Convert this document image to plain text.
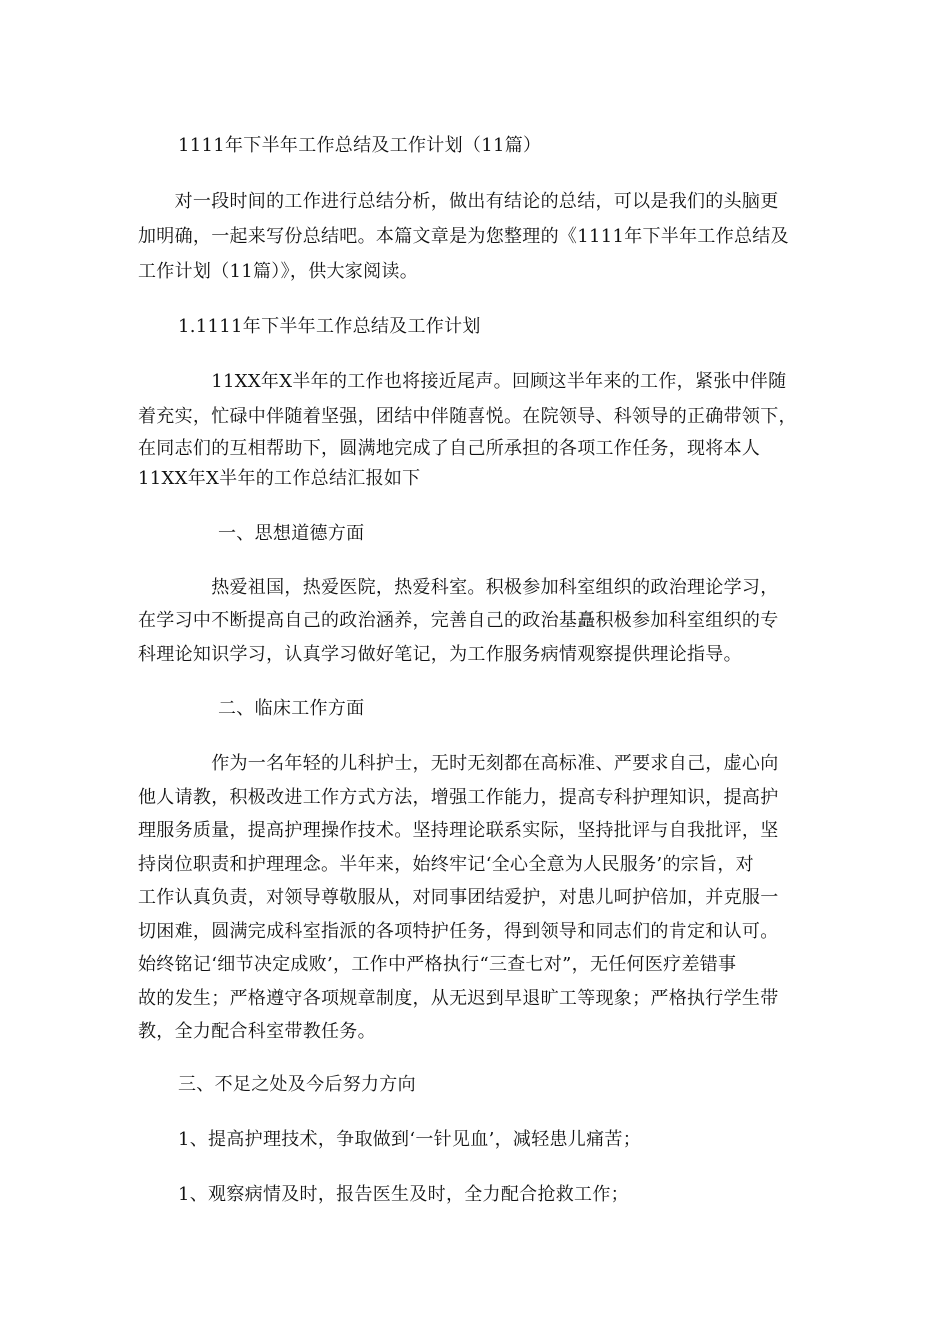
1111年下半年工作总结及工作计划（11篇）
　　对一段时间的工作进行总结分析，做出有结论的总结，可以是我们的头脑更
加明确，一起来写份总结吧。本篇文章是为您整理的《1111年下半年工作总结及
工作计划（11篇）》，供大家阅读。
1.1111年下半年工作总结及工作计划
　　　　11XX年X半年的工作也将接近尾声。回顾这半年来的工作，紧张中伴随
着充实，忙碌中伴随着坚强，团结中伴随喜悦。在院领导、科领导的正确带领下，
在同志们的互相帮助下，圆满地完成了自己所承担的各项工作任务，现将本人
11XX年X半年的工作总结汇报如下
一、思想道德方面
　　　　热爱祖国，热爱医院，热爱科室。积极参加科室组织的政治理论学习，
在学习中不断提高自己的政治涵养，完善自己的政治基矗积极参加科室组织的专
科理论知识学习，认真学习做好笔记，为工作服务病情观察提供理论指导。
二、临床工作方面
　　　　作为一名年轻的儿科护士，无时无刻都在高标准、严要求自己，虚心向
他人请教，积极改进工作方式方法，增强工作能力，提高专科护理知识，提高护
理服务质量，提高护理操作技术。坚持理论联系实际，坚持批评与自我批评，坚
持岗位职责和护理理念。半年来，始终牢记‘全心全意为人民服务’的宗旨，对
工作认真负责，对领导尊敬服从，对同事团结爱护，对患儿呵护倍加，并克服一
切困难，圆满完成科室指派的各项特护任务，得到领导和同志们的肯定和认可。
始终铭记‘细节决定成败’，工作中严格执行“三查七对”，无任何医疗差错事
故的发生；严格遵守各项规章制度，从无迟到早退旷工等现象；严格执行学生带
教，全力配合科室带教任务。
三、不足之处及今后努力方向
1、提高护理技术，争取做到‘一针见血’，减轻患儿痛苦；
1、观察病情及时，报告医生及时，全力配合抢救工作；
